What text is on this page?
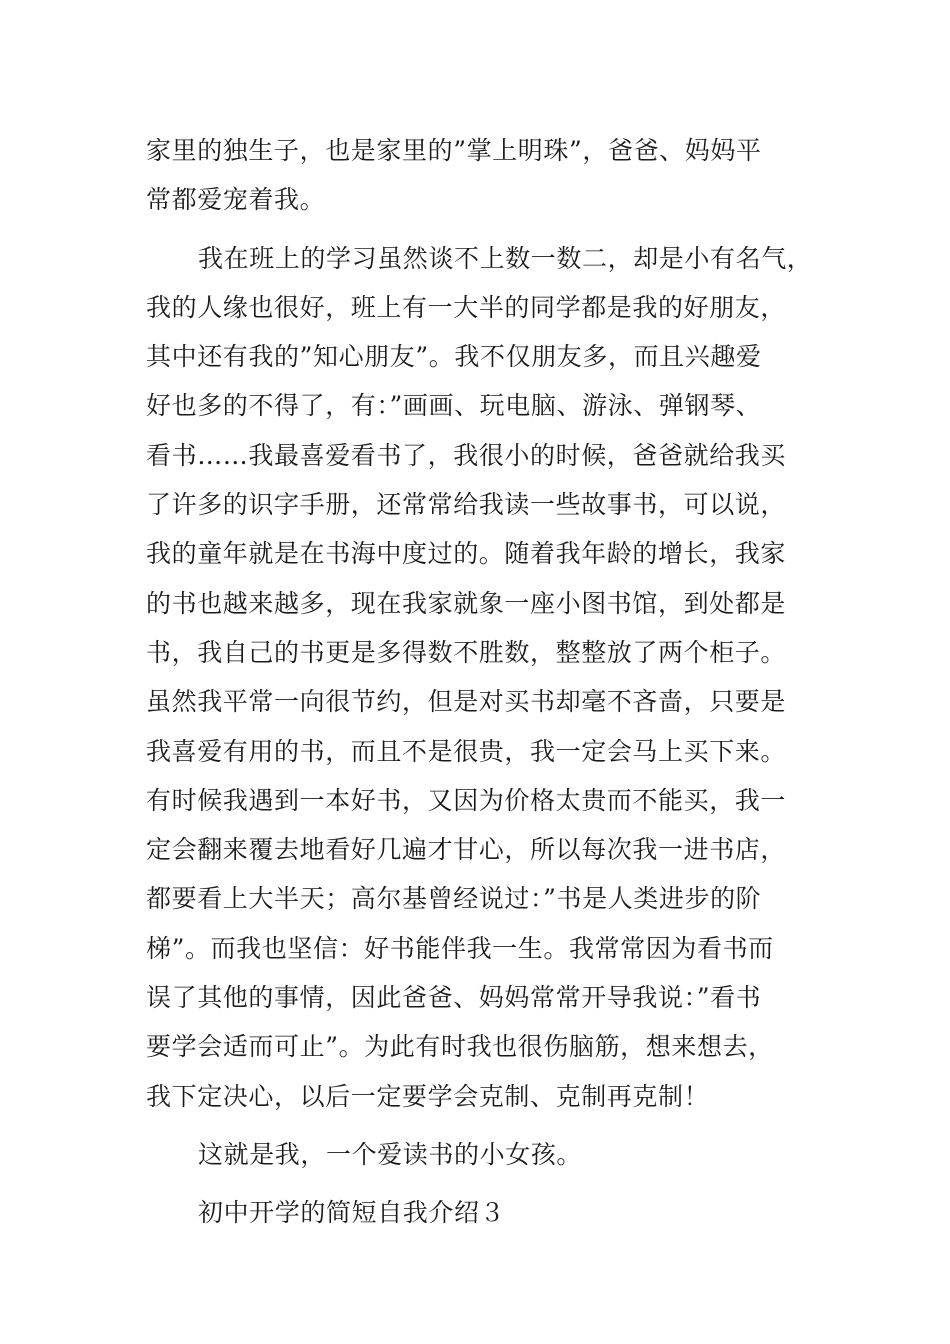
家里的独生子，也是家里的”掌上明珠”，爸爸、妈妈平
常都爱宠着我。
我在班上的学习虽然谈不上数一数二，却是小有名气，
我的人缘也很好，班上有一大半的同学都是我的好朋友，
其中还有我的”知心朋友”。我不仅朋友多，而且兴趣爱
好也多的不得了，有：”画画、玩电脑、游泳、弹钢琴、
看书……我最喜爱看书了，我很小的时候，爸爸就给我买
了许多的识字手册，还常常给我读一些故事书，可以说，
我的童年就是在书海中度过的。随着我年龄的增长，我家
的书也越来越多，现在我家就象一座小图书馆，到处都是
书，我自己的书更是多得数不胜数，整整放了两个柜子。
虽然我平常一向很节约，但是对买书却毫不吝啬，只要是
我喜爱有用的书，而且不是很贵，我一定会马上买下来。
有时候我遇到一本好书，又因为价格太贵而不能买，我一
定会翻来覆去地看好几遍才甘心，所以每次我一进书店，
都要看上大半天；高尔基曾经说过：”书是人类进步的阶
梯”。而我也坚信：好书能伴我一生。我常常因为看书而
误了其他的事情，因此爸爸、妈妈常常开导我说：”看书
要学会适而可止”。为此有时我也很伤脑筋，想来想去，
我下定决心，以后一定要学会克制、克制再克制！
这就是我，一个爱读书的小女孩。
初中开学的简短自我介绍３
